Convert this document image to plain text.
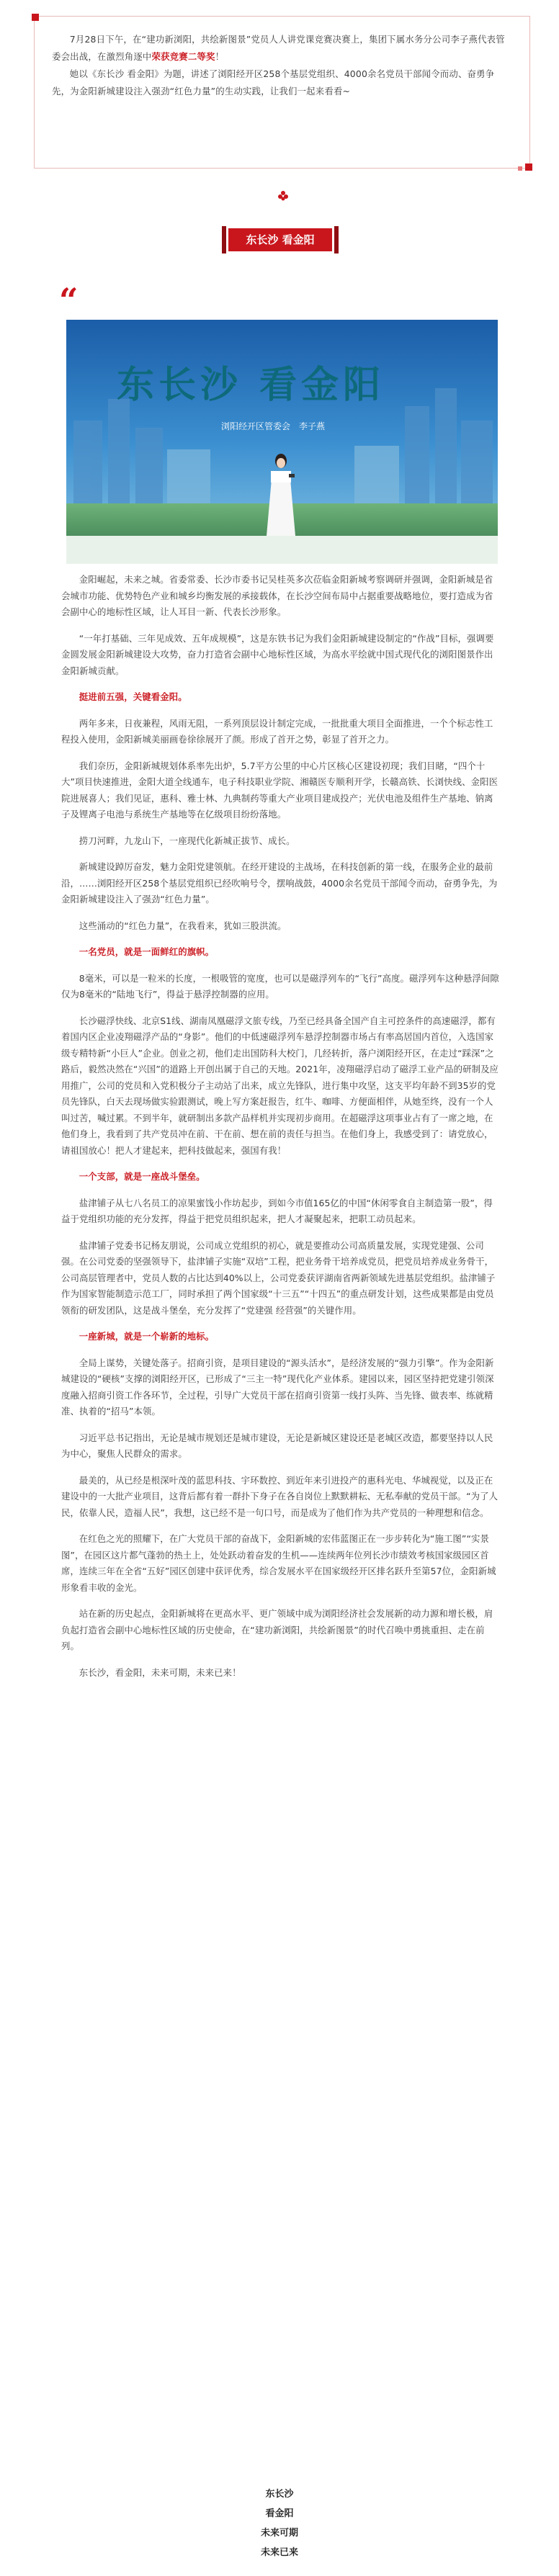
7月28日下午，在“建功新浏阳，共绘新图景”党员人人讲党课竞赛决赛上，集团下属水务分公司李子燕代表管委会出战，在激烈角逐中荣获竞赛二等奖！

她以《东长沙 看金阳》为题，讲述了浏阳经开区258个基层党组织、4000余名党员干部闻令而动、奋勇争先，为金阳新城建设注入强劲“红色力量”的生动实践，让我们一起来看看~

东长沙 看金阳
“
东长沙 看金阳
浏阳经开区管委会　李子燕

金阳崛起，未来之城。省委常委、长沙市委书记吴桂英多次莅临金阳新城考察调研并强调，金阳新城是省会城市功能、优势特色产业和城乡均衡发展的承接载体，在长沙空间布局中占据重要战略地位，要打造成为省会副中心的地标性区域，让人耳目一新、代表长沙形象。

“一年打基础、三年见成效、五年成规模”，这是东铁书记为我们金阳新城建设制定的“作战”目标，强调要金圆发展金阳新城建设大攻势，奋力打造省会副中心地标性区域，为高水平绘就中国式现代化的浏阳图景作出金阳新城贡献。

挺进前五强，关键看金阳。

两年多来，日夜兼程，风雨无阻，一系列顶层设计制定完成，一批批重大项目全面推进，一个个标志性工程投入使用，金阳新城美丽画卷徐徐展开了颜。形成了首开之势，彰显了首开之力。

我们奈历，金阳新城规划体系率先出炉，5.7平方公里的中心片区核心区建设初现；我们目睹，“四个十大”项目快速推进，金阳大道全线通车，电子科技职业学院、湘赣医专顺利开学，长赣高铁、长浏快线、金阳医院进展喜人；我们见证，惠科、雅士林、九典制药等重大产业项目建成投产；光伏电池及组件生产基地、钠离子及锂离子电池与系统生产基地等在亿级项目纷纷落地。

捞刀河畔，九龙山下，一座现代化新城正拔节、成长。

新城建设踔厉奋发，魅力金阳党建领航。在经开建设的主战场，在科技创新的第一线，在服务企业的最前沿，……浏阳经开区258个基层党组织已经吹响号令，摆响战鼓，4000余名党员干部闻令而动，奋勇争先，为金阳新城建设注入了强劲“红色力量”。

这些涌动的“红色力量”，在我看来，犹如三股洪流。

一名党员，就是一面鲜红的旗帜。

8毫米，可以是一粒米的长度，一根吸管的宽度，也可以是磁浮列车的“飞行”高度。磁浮列车这种悬浮间隙仅为8毫米的“陆地飞行”，得益于悬浮控制器的应用。

长沙磁浮快线、北京S1线、湖南凤凰磁浮文旅专线，乃至已经具备全国产自主可控条件的高速磁浮，都有着国内区企业凌翔磁浮产品的“身影”。他们的中低速磁浮列车悬浮控制器市场占有率高居国内首位，入选国家级专精特新“小巨人”企业。创业之初，他们走出国防科大校门，几经转折，落户浏阳经开区，在走过“踩深”之路后，毅然决然在“兴国”的道路上开创出属于自己的天地。2021年，凌翔磁浮启动了磁浮工业产品的研制及应用推广，公司的党员和入党积极分子主动站了出来，成立先锋队，进行集中攻坚，这支平均年龄不到35岁的党员先锋队，白天去现场做实验跟测试，晚上写方案赶报告，红牛、咖啡、方便面相伴，从她至终，没有一个人叫过苦，喊过累。不到半年，就研制出多款产品样机并实现初步商用。在超磁浮这项事业占有了一席之地，在他们身上，我看到了共产党员冲在前、干在前、想在前的责任与担当。在他们身上，我感受到了：请党放心，请祖国放心！把人才建起来，把科技做起来，强国有我！

一个支部，就是一座战斗堡垒。

盐津铺子从七八名员工的凉果蜜饯小作坊起步，到如今市值165亿的中国“休闲零食自主制造第一股”，得益于党组织功能的充分发挥，得益于把党员组织起来，把人才凝聚起来，把职工动员起来。

盐津铺子党委书记杨友朋说，公司成立党组织的初心，就是要推动公司高质量发展，实现党建强、公司强。在公司党委的坚强领导下，盐津铺子实施“双培”工程，把业务骨干培养成党员，把党员培养成业务骨干，公司高层管理者中，党员人数的占比达到40%以上，公司党委获评湖南省两新领域先进基层党组织。盐津铺子作为国家智能制造示范工厂，同时承担了两个国家级“十三五”“十四五”的重点研发计划，这些成果都是由党员领衔的研发团队，这是战斗堡垒，充分发挥了“党建强 经营强”的关键作用。

一座新城，就是一个崭新的地标。

全局上谋势，关键处落子。招商引资，是项目建设的“源头活水”，是经济发展的“强力引擎”。作为金阳新城建设的“硬核”支撑的浏阳经开区，已形成了“三主一特”现代化产业体系。建园以来，园区坚持把党建引领深度融入招商引资工作各环节，全过程，引导广大党员干部在招商引资第一线打头阵、当先锋、做表率、练就精准、执着的“招马”本领。

习近平总书记指出，无论是城市规划还是城市建设，无论是新城区建设还是老城区改造，都要坚持以人民为中心，聚焦人民群众的需求。

最美的，从已经是根深叶茂的蓝思科技、宇环数控、到近年来引进投产的惠科光电、华城视觉，以及正在建设中的一大批产业项目，这背后都有着一群扑下身子在各自岗位上默默耕耘、无私奉献的党员干部。“为了人民，依靠人民，造福人民”，我想，这已经不是一句口号，而是成为了他们作为共产党员的一种理想和信念。

在红色之光的照耀下，在广大党员干部的奋战下，金阳新城的宏伟蓝图正在一步步转化为“施工图”“实景图”，在园区这片都气蓬勃的热土上，处处跃动着奋发的生机——连续两年位列长沙市绩效考核国家级园区首席，连续三年在全省“五好”园区创建中获评优秀，综合发展水平在国家级经开区排名跃升至第57位，金阳新城形象看丰收的金光。

站在新的历史起点，金阳新城将在更高水平、更广领域中成为浏阳经济社会发展新的动力源和增长极，肩负起打造省会副中心地标性区域的历史使命，在“建功新浏阳，共绘新图景”的时代召唤中勇挑重担、走在前列。

东长沙，看金阳，未来可期，未来已来！

东长沙
看金阳
未来可期
未来已来
